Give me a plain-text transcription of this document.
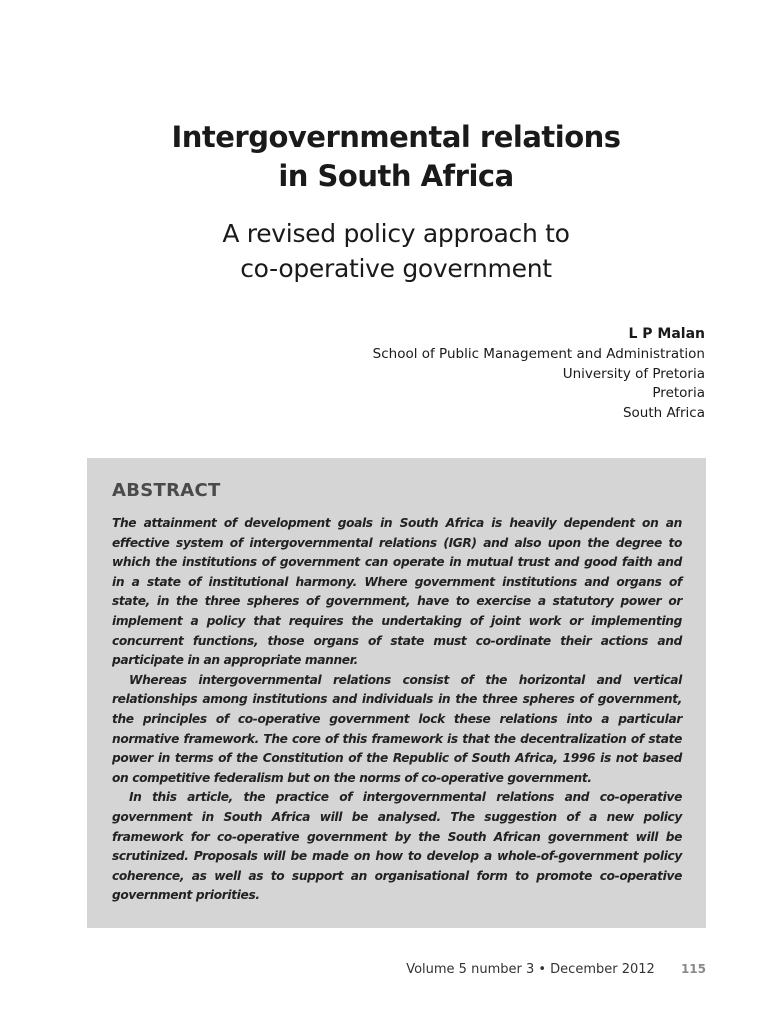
Intergovernmental relations
in South Africa
A revised policy approach to
co-operative government
L P Malan
School of Public Management and Administration
University of Pretoria
Pretoria
South Africa
ABSTRACT

The attainment of development goals in South Africa is heavily dependent on an effective system of intergovernmental relations (IGR) and also upon the degree to which the institutions of government can operate in mutual trust and good faith and in a state of institutional harmony. Where government institutions and organs of state, in the three spheres of government, have to exercise a statutory power or implement a policy that requires the undertaking of joint work or implementing concurrent functions, those organs of state must co-ordinate their actions and participate in an appropriate manner.

Whereas intergovernmental relations consist of the horizontal and vertical relationships among institutions and individuals in the three spheres of government, the principles of co-operative government lock these relations into a particular normative framework. The core of this framework is that the decentralization of state power in terms of the Constitution of the Republic of South Africa, 1996 is not based on competitive federalism but on the norms of co-operative government.

In this article, the practice of intergovernmental relations and co-operative government in South Africa will be analysed. The suggestion of a new policy framework for co-operative government by the South African government will be scrutinized. Proposals will be made on how to develop a whole-of-government policy coherence, as well as to support an organisational form to promote co-operative government priorities.

Volume 5 number 3 • December 2012 115
